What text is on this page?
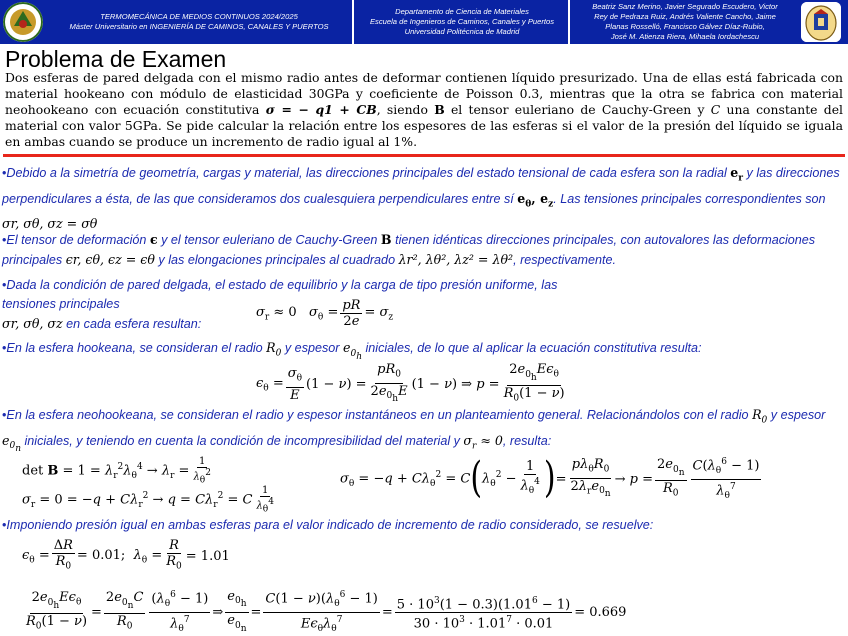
TERMOMECÁNICA DE MEDIOS CONTINUOS 2024/2025
Máster Universitario en INGENIERÍA DE CAMINOS, CANALES Y PUERTOS
Departamento de Ciencia de Materiales
Escuela de Ingenieros de Caminos, Canales y Puertos
Universidad Politécnica de Madrid
Beatriz Sanz Merino, Javier Segurado Escudero, Victor
Rey de Pedraza Ruiz, Andrés Valiente Cancho, Jaime
Planas Rosselló, Francisco Gálvez Díaz-Rubio,
José M. Atienza Riera, Mihaela Iordachescu
Problema de Examen
Dos esferas de pared delgada con el mismo radio antes de deformar contienen líquido presurizado. Una de ellas está fabricada con material hookeano con módulo de elasticidad 30GPa y coeficiente de Poisson 0.3, mientras que la otra se fabrica con material neohookeano con ecuación constitutiva σ = − q1 + CB, siendo B el tensor euleriano de Cauchy-Green y C una constante del material con valor 5GPa. Se pide calcular la relación entre los espesores de las esferas si el valor de la presión del líquido se iguala en ambas cuando se produce un incremento de radio igual al 1%.
•Debido a la simetría de geometría, cargas y material, las direcciones principales del estado tensional de cada esfera son la radial $e_r$ y las direcciones perpendiculares a ésta, de las que consideramos dos cualesquiera perpendiculares entre sí $e_\theta$, $e_z$. Las tensiones principales correspondientes son σr, σθ, σz = σθ
•El tensor de deformación ϵ y el tensor euleriano de Cauchy-Green B tienen idénticas direcciones principales, con autovalores las deformaciones principales ϵr, ϵθ, ϵz = ϵθ y las elongaciones principales al cuadrado λr², λθ², λz² = λθ², respectivamente.
•Dada la condición de pared delgada, el estado de equilibrio y la carga de tipo presión uniforme, las tensiones principales
σr, σθ, σz en cada esfera resultan:
$\sigma_r \approx 0$   $\sigma_\theta = \frac{pR}{2e} = \sigma_z$
•En la esfera hookeana, se consideran el radio $R_0$ y espesor $e_{0_h}$ iniciales, de lo que al aplicar la ecuación constitutiva resulta:
$\epsilon_\theta = \frac{\sigma_\theta}{E} (1 - \nu) = \frac{pR_0}{2e_{0_h}E} (1 - \nu)$ ⇒ p =
$2e_{0_h}E\epsilon_\theta$
$R_0(1 - \nu)$
•En la esfera neohookeana, se consideran el radio y espesor instantáneos en un planteamiento general. Relacionándolos con el radio $R_0$ y espesor $e_{0_n}$ iniciales, y teniendo en cuenta la condición de incompresibilidad del material y $\sigma_r \approx 0$, resulta:
$\det B = 1 = \lambda_r^2\lambda_\theta^4 \to \lambda_r = \frac{1}{\lambda_\theta^2}$
$\sigma_r = 0 = -q + C\lambda_r^2 \to q = C\lambda_r^2 = C$
1
$\lambda_\theta^4$
$\sigma_\theta = -q + C\lambda_\theta^2 = C$ ( $\lambda_\theta^2 - \frac{1}{\lambda_\theta^4}$ ) =
$p\lambda_\theta R_0$
$2\lambda_re_{0_n}$
→ $p = \frac{2e_{0_n}}{R_0} C(\lambda_\theta^6 - 1)$
$\lambda_\theta^7$
•Imponiendo presión igual en ambas esferas para el valor indicado de incremento de radio considerado, se resuelve:
$\epsilon_\theta = \frac{\Delta R}{R_0} = 0.01$;  $\lambda_\theta = \frac{R}{R_0} = 1.01$
$2e_{0_h}E\epsilon_\theta$
$R_0(1 - \nu)$
= $\frac{2e_{0_n}C}{R_0} (\lambda_\theta^6 - 1)$
$\lambda_\theta^7$ ⇒ $\frac{e_{0_h}}{e_{0_n}}$ =
$C(1 - \nu)(\lambda_\theta^6 - 1)$
$E\epsilon_\theta\lambda_\theta^7$	= $\frac{5 \cdot 10^3(1 - 0.3)(1.01^6 - 1)}{30 \cdot 10^3 \cdot 1.01^7 \cdot 0.01} = 0.669$
